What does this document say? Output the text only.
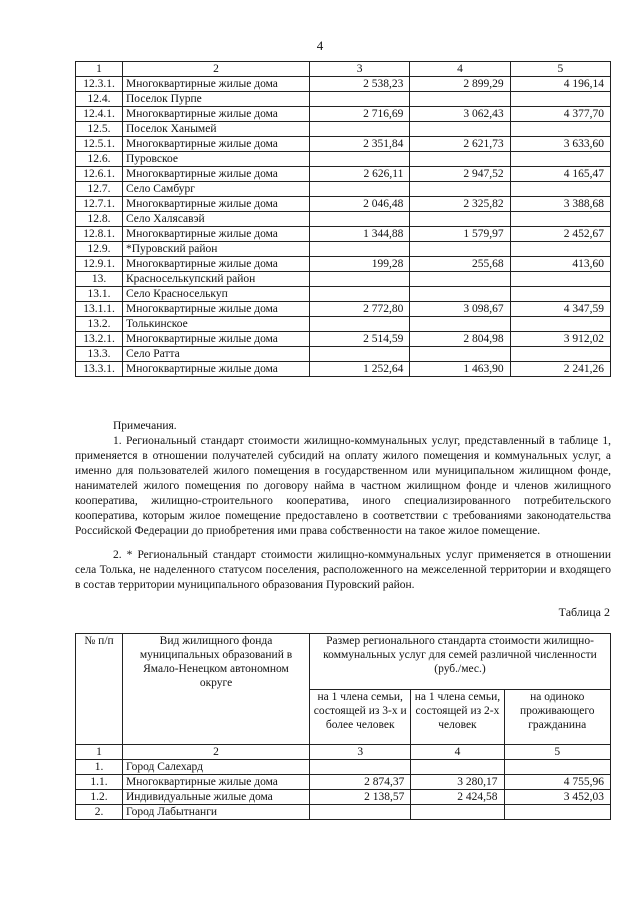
4
1	2	3	4	5
12.3.1.	Многоквартирные жилые дома	2 538,23	2 899,29	4 196,14
12.4.	Поселок Пурпе			
12.4.1.	Многоквартирные жилые дома	2 716,69	3 062,43	4 377,70
12.5.	Поселок Ханымей			
12.5.1.	Многоквартирные жилые дома	2 351,84	2 621,73	3 633,60
12.6.	Пуровское			
12.6.1.	Многоквартирные жилые дома	2 626,11	2 947,52	4 165,47
12.7.	Село Самбург			
12.7.1.	Многоквартирные жилые дома	2 046,48	2 325,82	3 388,68
12.8.	Село Халясавэй			
12.8.1.	Многоквартирные жилые дома	1 344,88	1 579,97	2 452,67
12.9.	*Пуровский район			
12.9.1.	Многоквартирные жилые дома	199,28	255,68	413,60
13.	Красноселькупский район			
13.1.	Село Красноселькуп			
13.1.1.	Многоквартирные жилые дома	2 772,80	3 098,67	4 347,59
13.2.	Толькинское			
13.2.1.	Многоквартирные жилые дома	2 514,59	2 804,98	3 912,02
13.3.	Село Ратта			
13.3.1.	Многоквартирные жилые дома	1 252,64	1 463,90	2 241,26

Примечания.

1. Региональный стандарт стоимости жилищно-коммунальных услуг, представленный в таблице 1, применяется в отношении получателей субсидий на оплату жилого помещения и коммунальных услуг, а именно для пользователей жилого помещения в государственном или муниципальном жилищном фонде, нанимателей жилого помещения по договору найма в частном жилищном фонде и членов жилищного кооператива, жилищно-строительного кооператива, иного специализированного потребительского кооператива, которым жилое помещение предоставлено в соответствии с требованиями законодательства Российской Федерации до приобретения ими права собственности на такое жилое помещение.

2. * Региональный стандарт стоимости жилищно-коммунальных услуг применяется в отношении села Толька, не наделенного статусом поселения, расположенного на межселенной территории и входящего в состав территории муниципального образования Пуровский район.

Таблица 2
№ п/п	Вид жилищного фонда муниципальных образований в Ямало-Ненецком автономном округе	Размер регионального стандарта стоимости жилищно-коммунальных услуг для семей различной численности (руб./мес.)		
		на 1 члена семьи, состоящей из 3-х и более человек	на 1 члена семьи, состоящей из 2-х человек	на одиноко проживающего гражданина
1	2	3	4	5
1.	Город Салехард			
1.1.	Многоквартирные жилые дома	2 874,37	3 280,17	4 755,96
1.2.	Индивидуальные жилые дома	2 138,57	2 424,58	3 452,03
2.	Город Лабытнанги			
